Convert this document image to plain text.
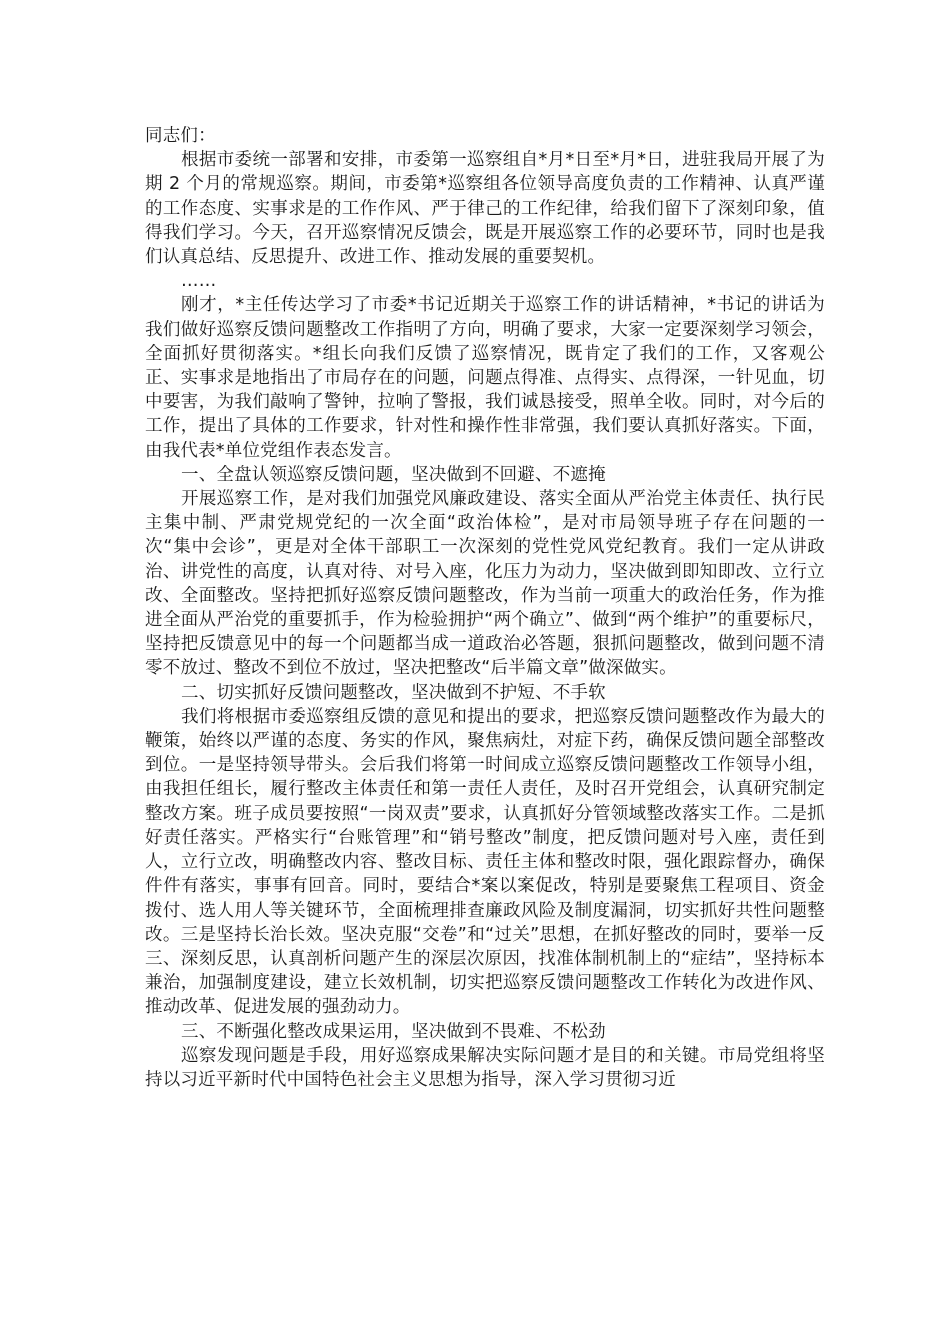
同志们：

根据市委统一部署和安排，市委第一巡察组自*月*日至*月*日，进驻我局开展了为期 2 个月的常规巡察。期间，市委第*巡察组各位领导高度负责的工作精神、认真严谨的工作态度、实事求是的工作作风、严于律己的工作纪律，给我们留下了深刻印象，值得我们学习。今天，召开巡察情况反馈会，既是开展巡察工作的必要环节，同时也是我们认真总结、反思提升、改进工作、推动发展的重要契机。

……

刚才，*主任传达学习了市委*书记近期关于巡察工作的讲话精神，*书记的讲话为我们做好巡察反馈问题整改工作指明了方向，明确了要求，大家一定要深刻学习领会，全面抓好贯彻落实。*组长向我们反馈了巡察情况，既肯定了我们的工作，又客观公正、实事求是地指出了市局存在的问题，问题点得准、点得实、点得深，一针见血，切中要害，为我们敲响了警钟，拉响了警报，我们诚恳接受，照单全收。同时，对今后的工作，提出了具体的工作要求，针对性和操作性非常强，我们要认真抓好落实。下面，由我代表*单位党组作表态发言。

一、全盘认领巡察反馈问题，坚决做到不回避、不遮掩

开展巡察工作，是对我们加强党风廉政建设、落实全面从严治党主体责任、执行民主集中制、严肃党规党纪的一次全面“政治体检”，是对市局领导班子存在问题的一次“集中会诊”，更是对全体干部职工一次深刻的党性党风党纪教育。我们一定从讲政治、讲党性的高度，认真对待、对号入座，化压力为动力，坚决做到即知即改、立行立改、全面整改。坚持把抓好巡察反馈问题整改，作为当前一项重大的政治任务，作为推进全面从严治党的重要抓手，作为检验拥护“两个确立”、做到“两个维护”的重要标尺，坚持把反馈意见中的每一个问题都当成一道政治必答题，狠抓问题整改，做到问题不清零不放过、整改不到位不放过，坚决把整改“后半篇文章”做深做实。

二、切实抓好反馈问题整改，坚决做到不护短、不手软

我们将根据市委巡察组反馈的意见和提出的要求，把巡察反馈问题整改作为最大的鞭策，始终以严谨的态度、务实的作风，聚焦病灶，对症下药，确保反馈问题全部整改到位。一是坚持领导带头。会后我们将第一时间成立巡察反馈问题整改工作领导小组，由我担任组长，履行整改主体责任和第一责任人责任，及时召开党组会，认真研究制定整改方案。班子成员要按照“一岗双责”要求，认真抓好分管领域整改落实工作。二是抓好责任落实。严格实行“台账管理”和“销号整改”制度，把反馈问题对号入座，责任到人，立行立改，明确整改内容、整改目标、责任主体和整改时限，强化跟踪督办，确保件件有落实，事事有回音。同时，要结合*案以案促改，特别是要聚焦工程项目、资金拨付、选人用人等关键环节，全面梳理排查廉政风险及制度漏洞，切实抓好共性问题整改。三是坚持长治长效。坚决克服“交卷”和“过关”思想，在抓好整改的同时，要举一反三、深刻反思，认真剖析问题产生的深层次原因，找准体制机制上的“症结”，坚持标本兼治，加强制度建设，建立长效机制，切实把巡察反馈问题整改工作转化为改进作风、推动改革、促进发展的强劲动力。

三、不断强化整改成果运用，坚决做到不畏难、不松劲

巡察发现问题是手段，用好巡察成果解决实际问题才是目的和关键。市局党组将坚持以习近平新时代中国特色社会主义思想为指导，深入学习贯彻习近
